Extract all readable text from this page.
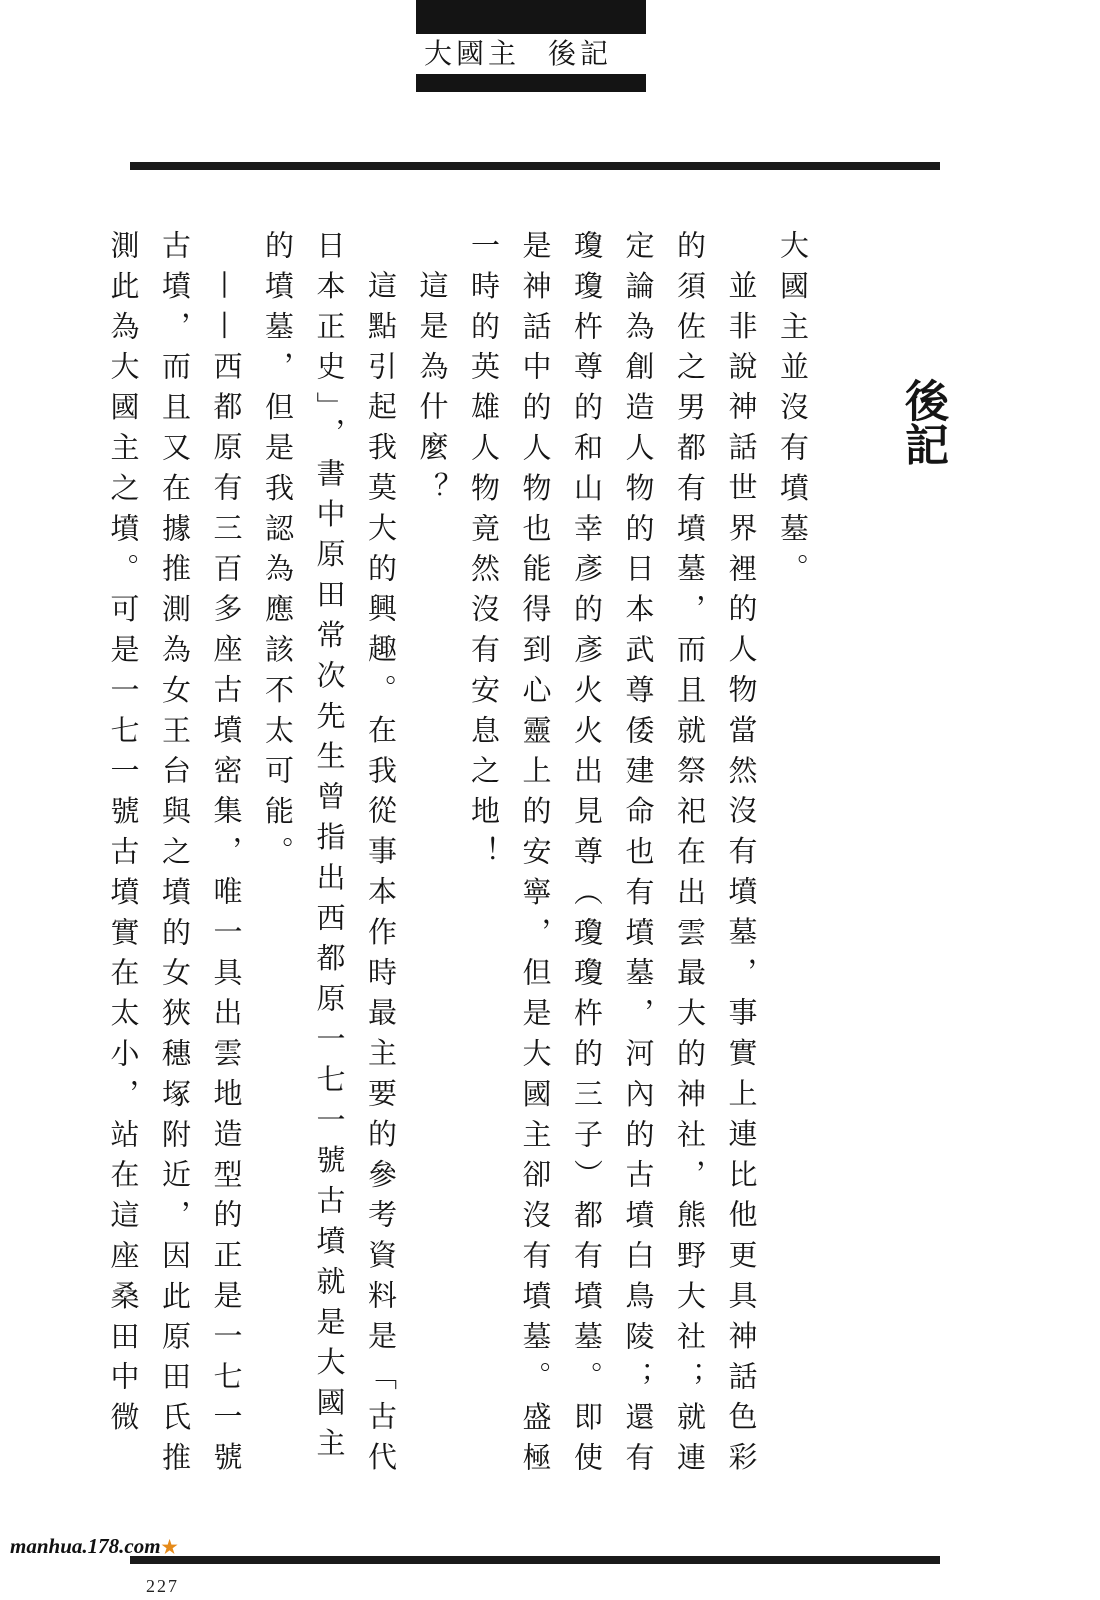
大國主 後記
後記

大國主並沒有墳墓。

並非說神話世界裡的人物當然沒有墳墓，事實上連比他更具神話色彩的須佐之男都有墳墓，而且就祭祀在出雲最大的神社，熊野大社；就連定論為創造人物的日本武尊倭建命也有墳墓，河內的古墳白鳥陵；還有瓊瓊杵尊的和山幸彥的彥火火出見尊（瓊瓊杵的三子）都有墳墓。即使是神話中的人物也能得到心靈上的安寧，但是大國主卻沒有墳墓。盛極一時的英雄人物竟然沒有安息之地！

這是為什麼？

這點引起我莫大的興趣。在我從事本作時最主要的參考資料是「古代日本正史」，書中原田常次先生曾指出西都原一七一號古墳就是大國主的墳墓，但是我認為應該不太可能。

——西都原有三百多座古墳密集，唯一具出雲地造型的正是一七一號古墳，而且又在據推測為女王台與之墳的女狹穗塚附近，因此原田氏推測此為大國主之墳。可是一七一號古墳實在太小，站在這座桑田中微

manhua.178.com★
227
